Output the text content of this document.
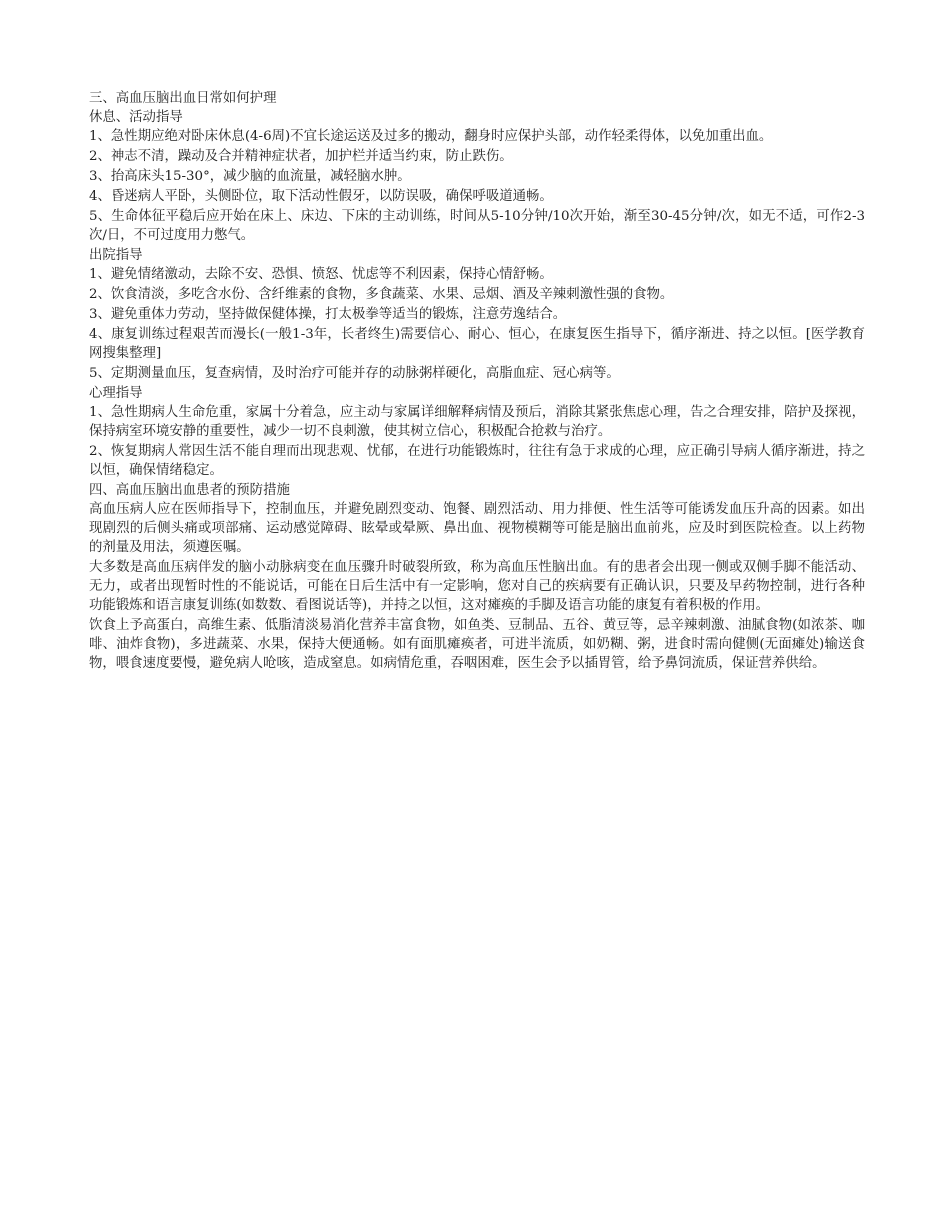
三、高血压脑出血日常如何护理

休息、活动指导

1、急性期应绝对卧床休息(4-6周)不宜长途运送及过多的搬动，翻身时应保护头部，动作轻柔得体，以免加重出血。

2、神志不清，躁动及合并精神症状者，加护栏并适当约束，防止跌伤。

3、抬高床头15-30°，减少脑的血流量，减轻脑水肿。

4、昏迷病人平卧，头侧卧位，取下活动性假牙，以防误吸，确保呼吸道通畅。

5、生命体征平稳后应开始在床上、床边、下床的主动训练，时间从5-10分钟/10次开始，渐至30-45分钟/次，如无不适，可作2-3次/日，不可过度用力憋气。

出院指导

1、避免情绪激动，去除不安、恐惧、愤怒、忧虑等不利因素，保持心情舒畅。

2、饮食清淡，多吃含水份、含纤维素的食物，多食蔬菜、水果、忌烟、酒及辛辣刺激性强的食物。

3、避免重体力劳动，坚持做保健体操，打太极拳等适当的锻炼，注意劳逸结合。

4、康复训练过程艰苦而漫长(一般1-3年，长者终生)需要信心、耐心、恒心，在康复医生指导下，循序渐进、持之以恒。[医学教育网搜集整理]

5、定期测量血压，复查病情，及时治疗可能并存的动脉粥样硬化，高脂血症、冠心病等。

心理指导

1、急性期病人生命危重，家属十分着急，应主动与家属详细解释病情及预后，消除其紧张焦虑心理，告之合理安排，陪护及探视，保持病室环境安静的重要性，减少一切不良刺激，使其树立信心，积极配合抢救与治疗。

2、恢复期病人常因生活不能自理而出现悲观、忧郁，在进行功能锻炼时，往往有急于求成的心理，应正确引导病人循序渐进，持之以恒，确保情绪稳定。

四、高血压脑出血患者的预防措施

高血压病人应在医师指导下，控制血压，并避免剧烈变动、饱餐、剧烈活动、用力排便、性生活等可能诱发血压升高的因素。如出现剧烈的后侧头痛或项部痛、运动感觉障碍、眩晕或晕厥、鼻出血、视物模糊等可能是脑出血前兆，应及时到医院检查。以上药物的剂量及用法，须遵医嘱。

大多数是高血压病伴发的脑小动脉病变在血压骤升时破裂所致，称为高血压性脑出血。有的患者会出现一侧或双侧手脚不能活动、无力，或者出现暂时性的不能说话，可能在日后生活中有一定影响，您对自己的疾病要有正确认识，只要及早药物控制，进行各种功能锻炼和语言康复训练(如数数、看图说话等)，并持之以恒，这对瘫痪的手脚及语言功能的康复有着积极的作用。

饮食上予高蛋白，高维生素、低脂清淡易消化营养丰富食物，如鱼类、豆制品、五谷、黄豆等，忌辛辣刺激、油腻食物(如浓茶、咖啡、油炸食物)，多进蔬菜、水果，保持大便通畅。如有面肌瘫痪者，可进半流质，如奶糊、粥，进食时需向健侧(无面瘫处)输送食物，喂食速度要慢，避免病人呛咳，造成窒息。如病情危重，吞咽困难，医生会予以插胃管，给予鼻饲流质，保证营养供给。
